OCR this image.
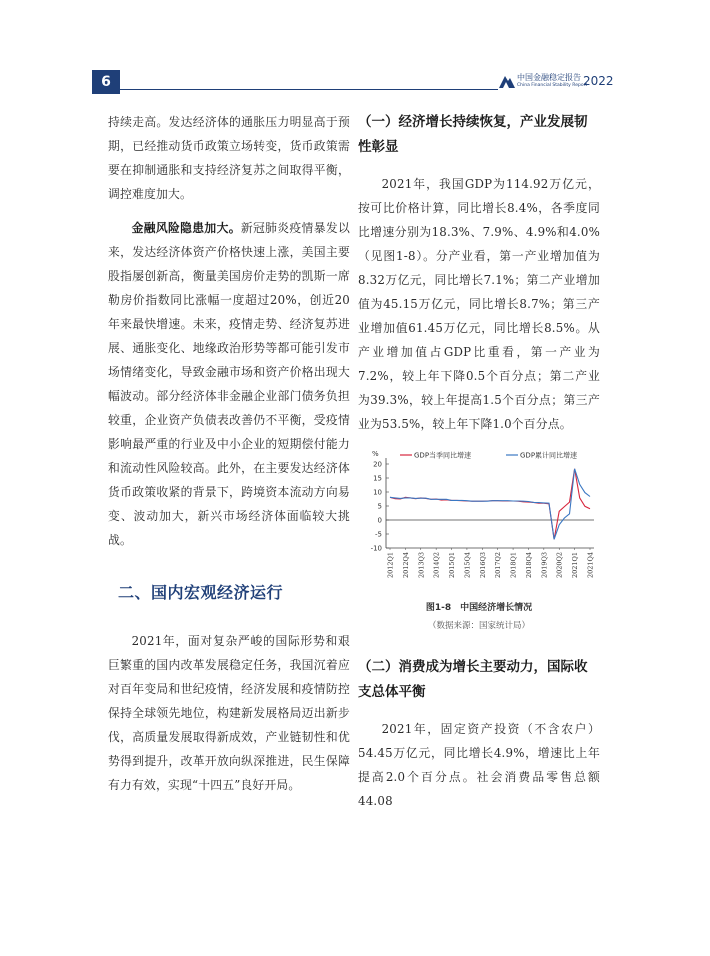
6	中国金融稳定报告
China Financial Stability Report
2022

持续走高。发达经济体的通胀压力明显高于预期，已经推动货币政策立场转变，货币政策需要在抑制通胀和支持经济复苏之间取得平衡，调控难度加大。

金融风险隐患加大。新冠肺炎疫情暴发以来，发达经济体资产价格快速上涨，美国主要股指屡创新高，衡量美国房价走势的凯斯一席勒房价指数同比涨幅一度超过20%，创近20年来最快增速。未来，疫情走势、经济复苏进展、通胀变化、地缘政治形势等都可能引发市场情绪变化，导致金融市场和资产价格出现大幅波动。部分经济体非金融企业部门债务负担较重，企业资产负债表改善仍不平衡，受疫情影响最严重的行业及中小企业的短期偿付能力和流动性风险较高。此外，在主要发达经济体货币政策收紧的背景下，跨境资本流动方向易变、波动加大，新兴市场经济体面临较大挑战。

二、国内宏观经济运行

2021年，面对复杂严峻的国际形势和艰巨繁重的国内改革发展稳定任务，我国沉着应对百年变局和世纪疫情，经济发展和疫情防控保持全球领先地位，构建新发展格局迈出新步伐，高质量发展取得新成效，产业链韧性和优势得到提升，改革开放向纵深推进，民生保障有力有效，实现“十四五”良好开局。

（一）经济增长持续恢复，产业发展韧性彰显

2021年，我国GDP为114.92万亿元，按可比价格计算，同比增长8.4%，各季度同比增速分别为18.3%、7.9%、4.9%和4.0%（见图1-8）。分产业看，第一产业增加值为8.32万亿元，同比增长7.1%；第二产业增加值为45.15万亿元，同比增长8.7%；第三产业增加值61.45万亿元，同比增长8.5%。从产业增加值占GDP比重看，第一产业为7.2%，较上年下降0.5个百分点；第二产业为39.3%，较上年提高1.5个百分点；第三产业为53.5%，较上年下降1.0个百分点。

%
-10
-5
0
5
10
15
20
2012Q1 2012Q4 2013Q3 2014Q2 2015Q1 2015Q4 2016Q3 2017Q2 2018Q1 2018Q4 2019Q3 2020Q2 2021Q1 2021Q4
GDP当季同比增速	GDP累计同比增速
图1-8　中国经济增长情况
（数据来源：国家统计局）
（二）消费成为增长主要动力，国际收支总体平衡

2021年，固定资产投资（不含农户）54.45万亿元，同比增长4.9%，增速比上年提高2.0个百分点。社会消费品零售总额44.08
